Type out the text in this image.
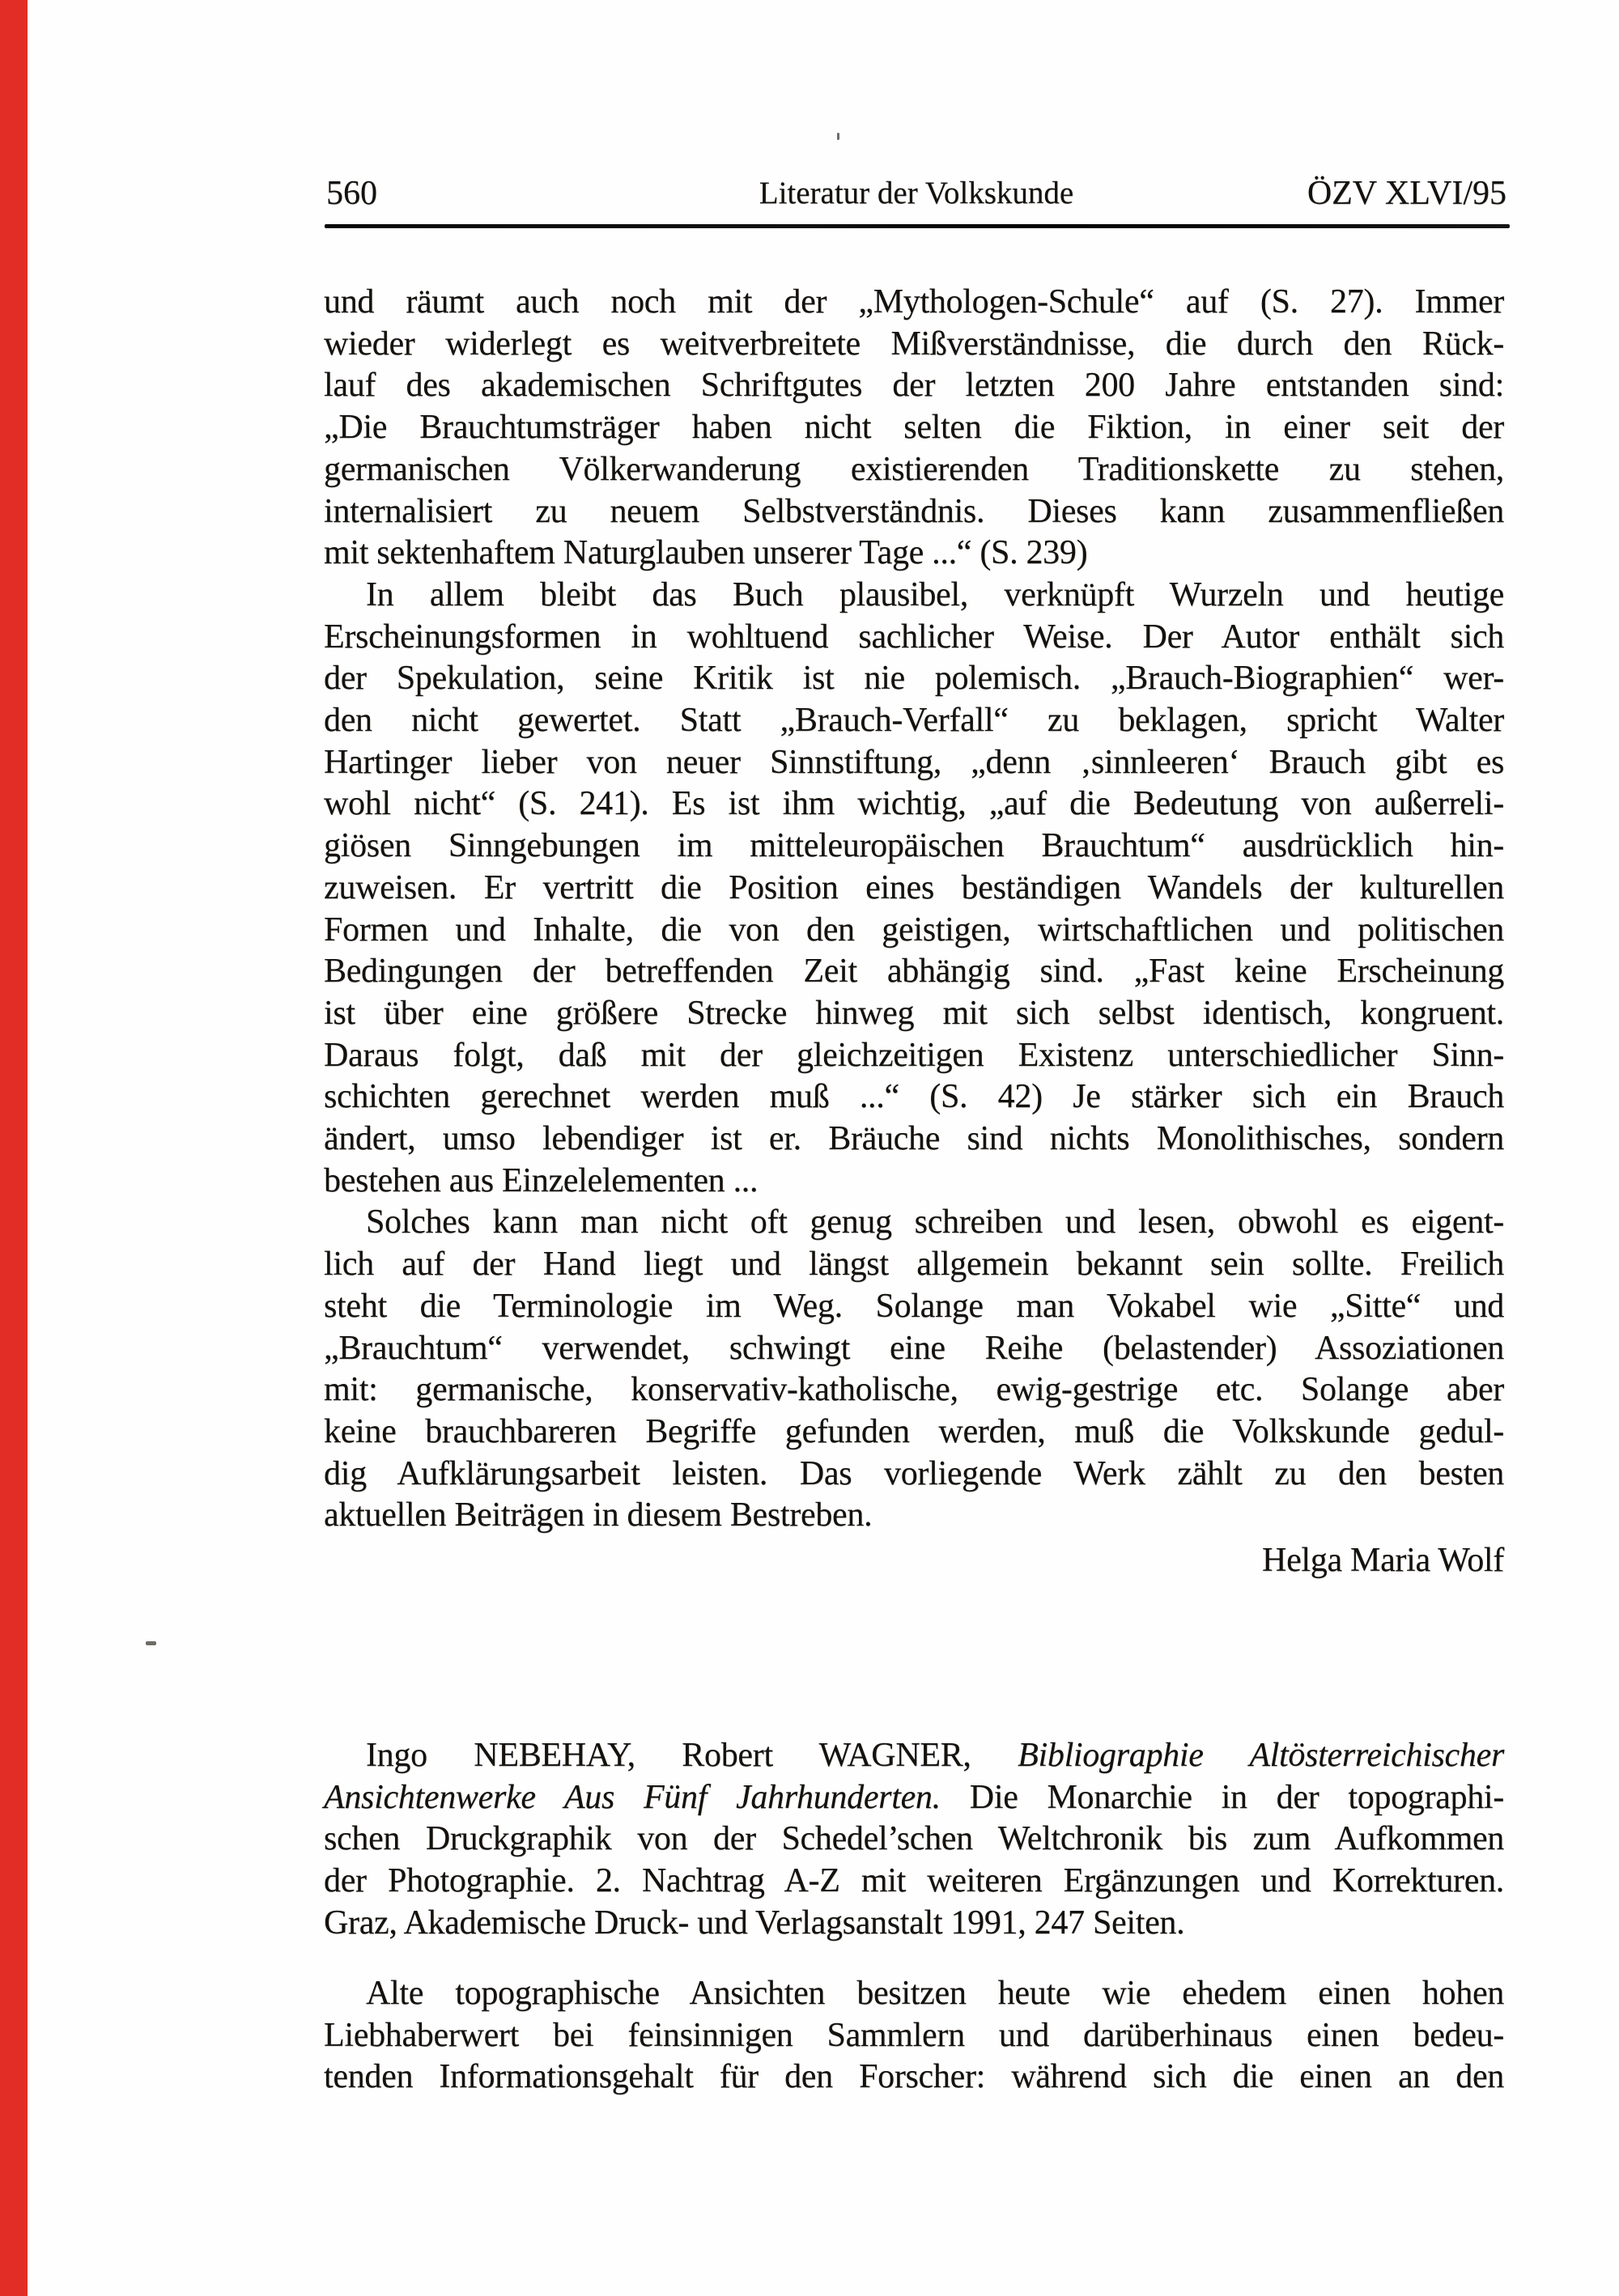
560	Literatur der Volkskunde	ÖZV XLVI/95
und räumt auch noch mit der „Mythologen-Schule“ auf (S. 27). Immer
wieder widerlegt es weitverbreitete Mißverständnisse, die durch den Rück-
lauf des akademischen Schriftgutes der letzten 200 Jahre entstanden sind:
„Die Brauchtumsträger haben nicht selten die Fiktion, in einer seit der
germanischen Völkerwanderung existierenden Traditionskette zu stehen,
internalisiert zu neuem Selbstverständnis. Dieses kann zusammenfließen
mit sektenhaftem Naturglauben unserer Tage ...“ (S. 239)
In allem bleibt das Buch plausibel, verknüpft Wurzeln und heutige
Erscheinungsformen in wohltuend sachlicher Weise. Der Autor enthält sich
der Spekulation, seine Kritik ist nie polemisch. „Brauch-Biographien“ wer-
den nicht gewertet. Statt „Brauch-Verfall“ zu beklagen, spricht Walter
Hartinger lieber von neuer Sinnstiftung, „denn ‚sinnleeren‘ Brauch gibt es
wohl nicht“ (S. 241). Es ist ihm wichtig, „auf die Bedeutung von außerreli-
giösen Sinngebungen im mitteleuropäischen Brauchtum“ ausdrücklich hin-
zuweisen. Er vertritt die Position eines beständigen Wandels der kulturellen
Formen und Inhalte, die von den geistigen, wirtschaftlichen und politischen
Bedingungen der betreffenden Zeit abhängig sind. „Fast keine Erscheinung
ist über eine größere Strecke hinweg mit sich selbst identisch, kongruent.
Daraus folgt, daß mit der gleichzeitigen Existenz unterschiedlicher Sinn-
schichten gerechnet werden muß ...“ (S. 42) Je stärker sich ein Brauch
ändert, umso lebendiger ist er. Bräuche sind nichts Monolithisches, sondern
bestehen aus Einzelelementen ...
Solches kann man nicht oft genug schreiben und lesen, obwohl es eigent-
lich auf der Hand liegt und längst allgemein bekannt sein sollte. Freilich
steht die Terminologie im Weg. Solange man Vokabel wie „Sitte“ und
„Brauchtum“ verwendet, schwingt eine Reihe (belastender) Assoziationen
mit: germanische, konservativ-katholische, ewig-gestrige etc. Solange aber
keine brauchbareren Begriffe gefunden werden, muß die Volkskunde gedul-
dig Aufklärungsarbeit leisten. Das vorliegende Werk zählt zu den besten
aktuellen Beiträgen in diesem Bestreben.
Helga Maria Wolf
Ingo NEBEHAY, Robert WAGNER, Bibliographie Altösterreichischer
Ansichtenwerke Aus Fünf Jahrhunderten. Die Monarchie in der topographi-
schen Druckgraphik von der Schedel’schen Weltchronik bis zum Aufkommen
der Photographie. 2. Nachtrag A-Z mit weiteren Ergänzungen und Korrekturen.
Graz, Akademische Druck- und Verlagsanstalt 1991, 247 Seiten.
Alte topographische Ansichten besitzen heute wie ehedem einen hohen
Liebhaberwert bei feinsinnigen Sammlern und darüberhinaus einen bedeu-
tenden Informationsgehalt für den Forscher: während sich die einen an den
